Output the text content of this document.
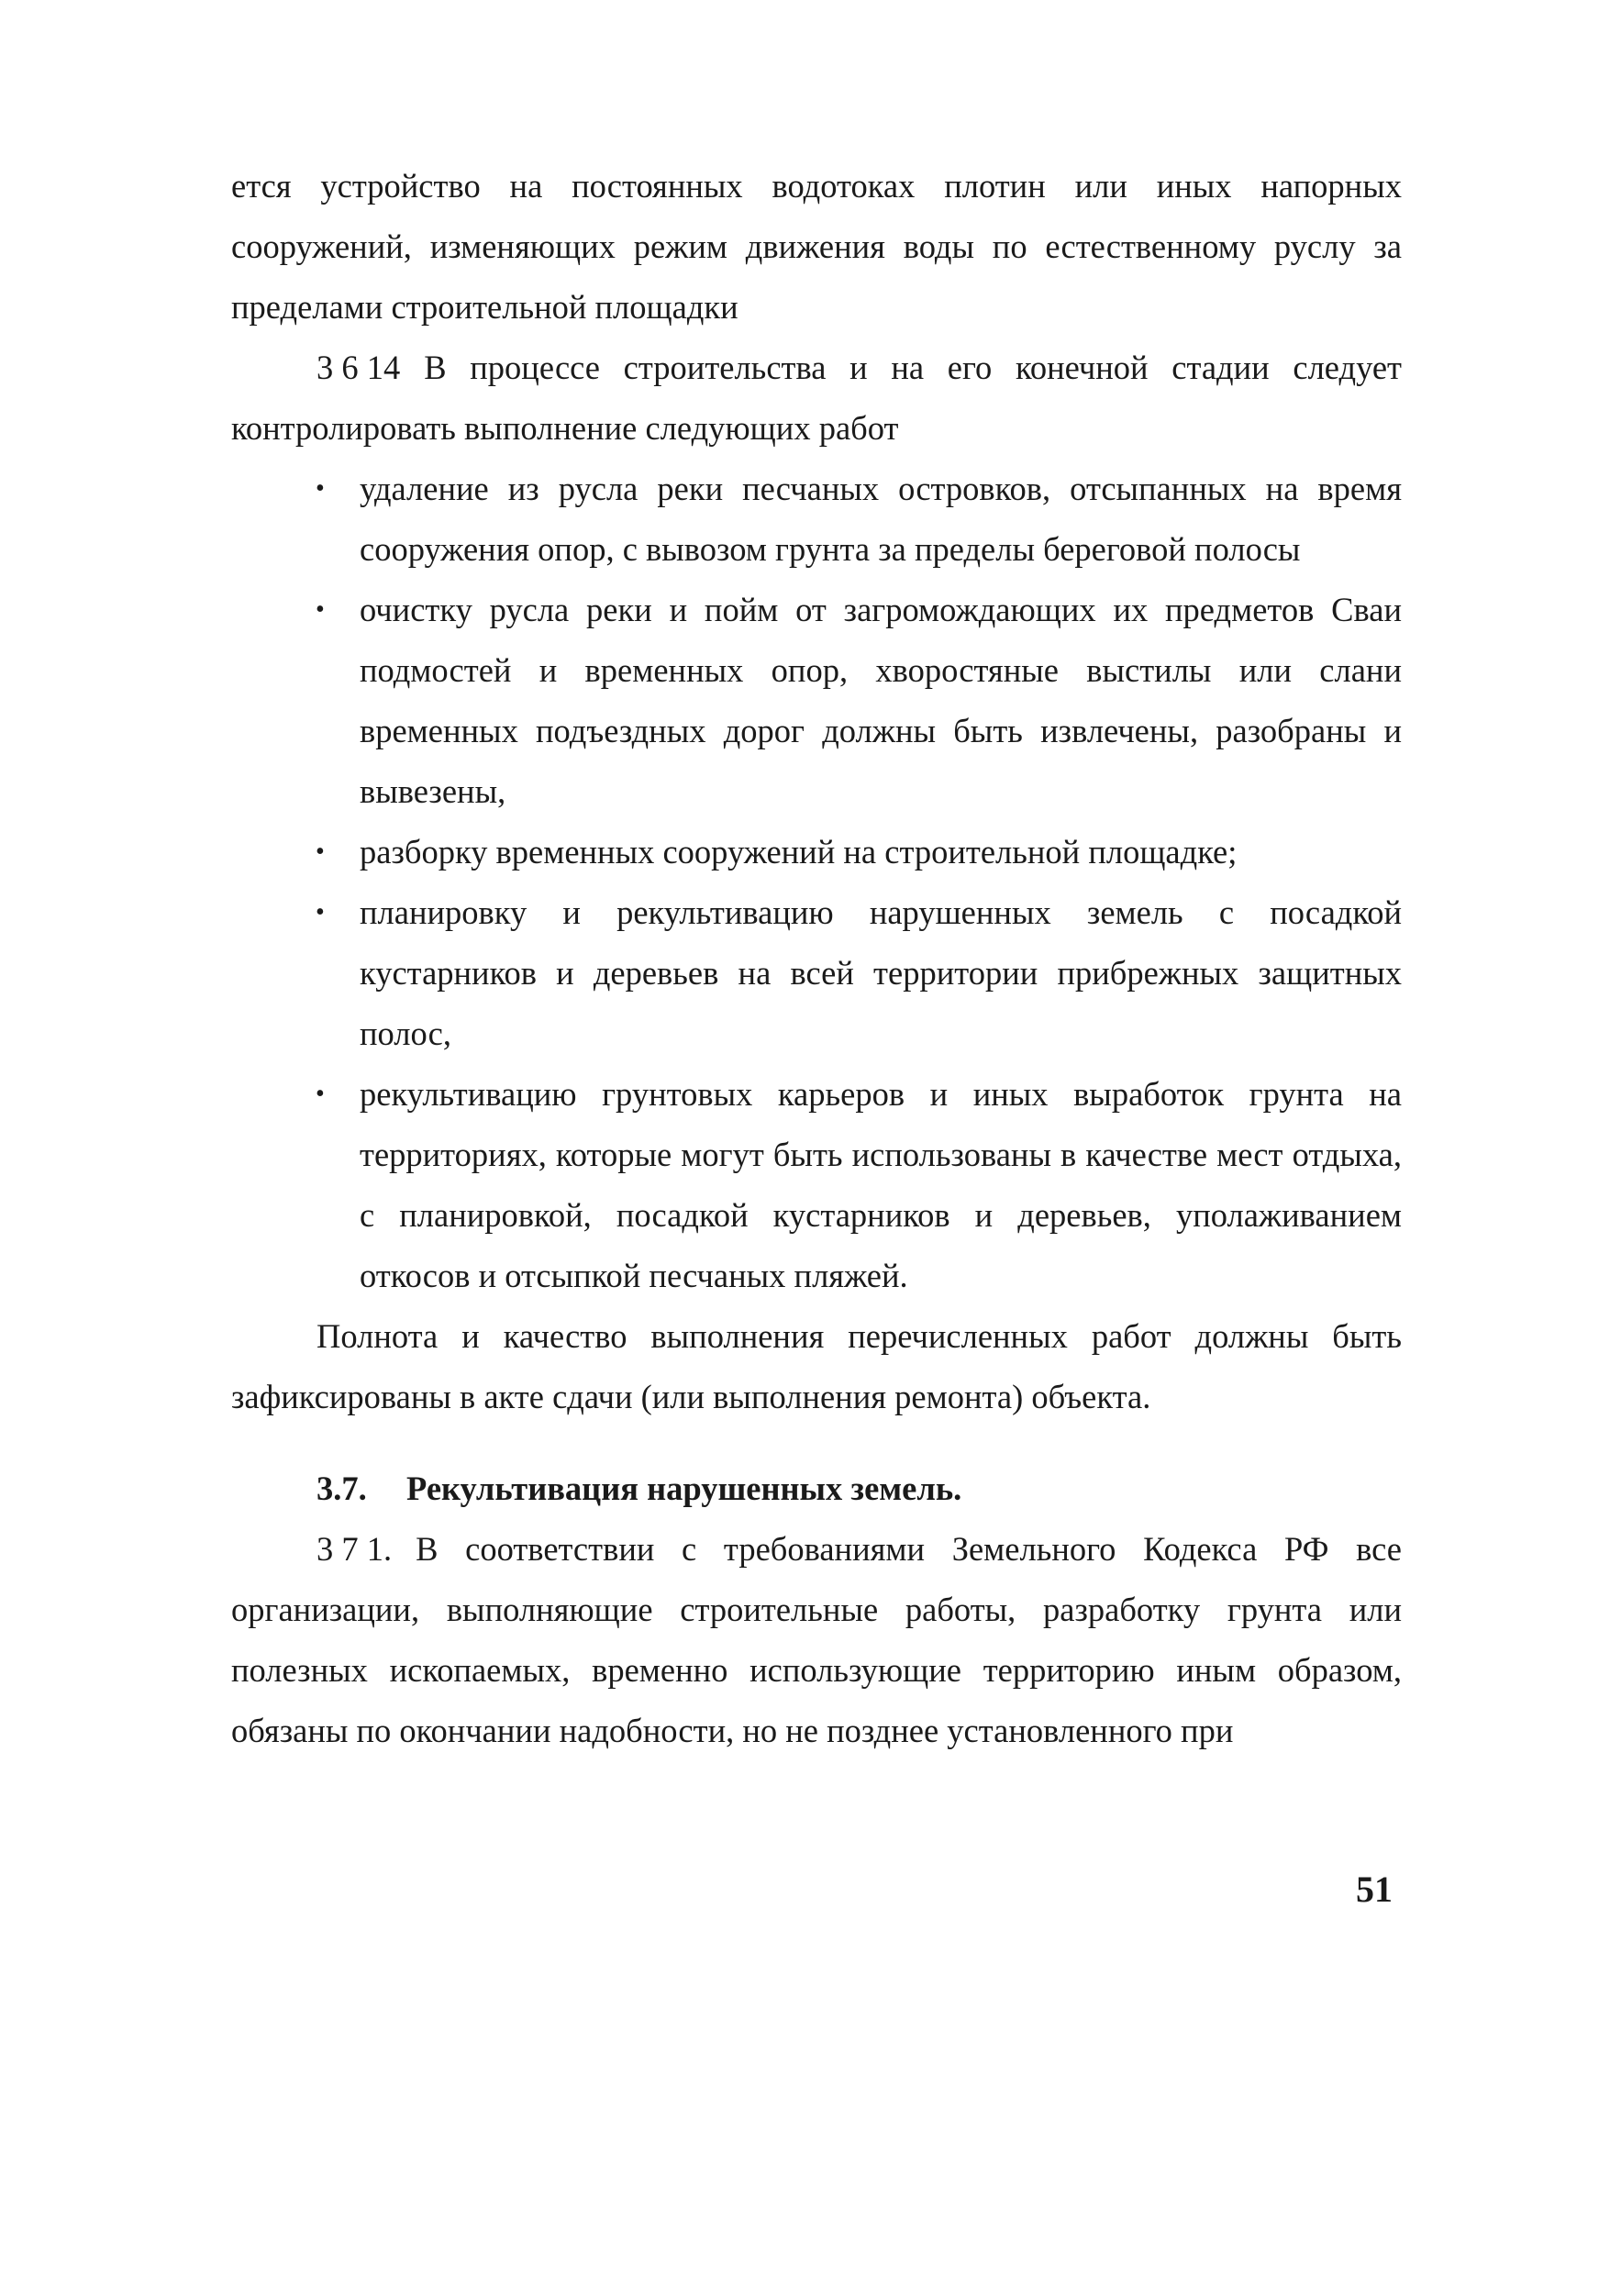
ется устройство на постоянных водотоках плотин или иных напорных сооружений, изменяющих режим движения воды по естественному руслу за пределами строительной площадки

3 6 14 В процессе строительства и на его конечной стадии следует контролировать выполнение следующих работ

• удаление из русла реки песчаных островков, отсыпанных на время сооружения опор, с вывозом грунта за пределы береговой полосы
• очистку русла реки и пойм от загромождающих их предметов Сваи подмостей и временных опор, хворостяные выстилы или слани временных подъездных дорог должны быть извлечены, разобраны и вывезены,
• разборку временных сооружений на строительной площадке;
• планировку и рекультивацию нарушенных земель с посадкой кустарников и деревьев на всей территории прибрежных защитных полос,
• рекультивацию грунтовых карьеров и иных выработок грунта на территориях, которые могут быть использованы в качестве мест отдыха, с планировкой, посадкой кустарников и деревьев, уполаживанием откосов и отсыпкой песчаных пляжей.

Полнота и качество выполнения перечисленных работ должны быть зафиксированы в акте сдачи (или выполнения ремонта) объекта.

3.7. Рекультивация нарушенных земель.

3 7 1. В соответствии с требованиями Земельного Кодекса РФ все организации, выполняющие строительные работы, разработку грунта или полезных ископаемых, временно использующие территорию иным образом, обязаны по окончании надобности, но не позднее установленного при

51
